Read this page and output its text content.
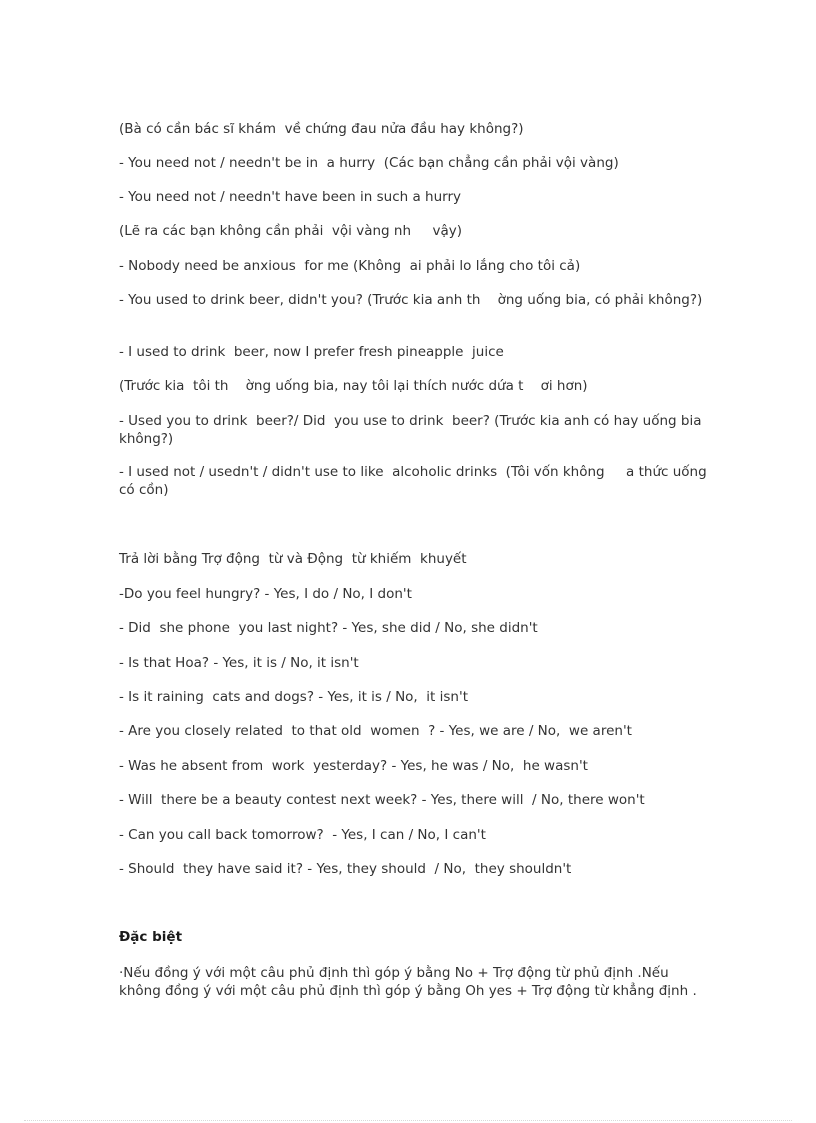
(Bà có cần bác sĩ khám  về chứng đau nửa đầu hay không?)
- You need not / needn't be in  a hurry  (Các bạn chẳng cần phải vội vàng)
- You need not / needn't have been in such a hurry
(Lẽ ra các bạn không cần phải  vội vàng nh     vậy)
- Nobody need be anxious  for me (Không  ai phải lo lắng cho tôi cả)
- You used to drink beer, didn't you? (Trước kia anh th    ờng uống bia, có phải không?)
- I used to drink  beer, now I prefer fresh pineapple  juice
(Trước kia  tôi th    ờng uống bia, nay tôi lại thích nước dứa t    ơi hơn)
- Used you to drink  beer?/ Did  you use to drink  beer? (Trước kia anh có hay uống bia không?)
- I used not / usedn't / didn't use to like  alcoholic drinks  (Tôi vốn không     a thức uống có cồn)
Trả lời bằng Trợ động  từ và Động  từ khiếm  khuyết
-Do you feel hungry? - Yes, I do / No, I don't
- Did  she phone  you last night? - Yes, she did / No, she didn't
- Is that Hoa? - Yes, it is / No, it isn't
- Is it raining  cats and dogs? - Yes, it is / No,  it isn't
- Are you closely related  to that old  women  ? - Yes, we are / No,  we aren't
- Was he absent from  work  yesterday? - Yes, he was / No,  he wasn't
- Will  there be a beauty contest next week? - Yes, there will  / No, there won't
- Can you call back tomorrow?  - Yes, I can / No, I can't
- Should  they have said it? - Yes, they should  / No,  they shouldn't
Đặc biệt
·Nếu đồng ý với một câu phủ định thì góp ý bằng No + Trợ động từ phủ định .Nếu không đồng ý với một câu phủ định thì góp ý bằng Oh yes + Trợ động từ khẳng định .
